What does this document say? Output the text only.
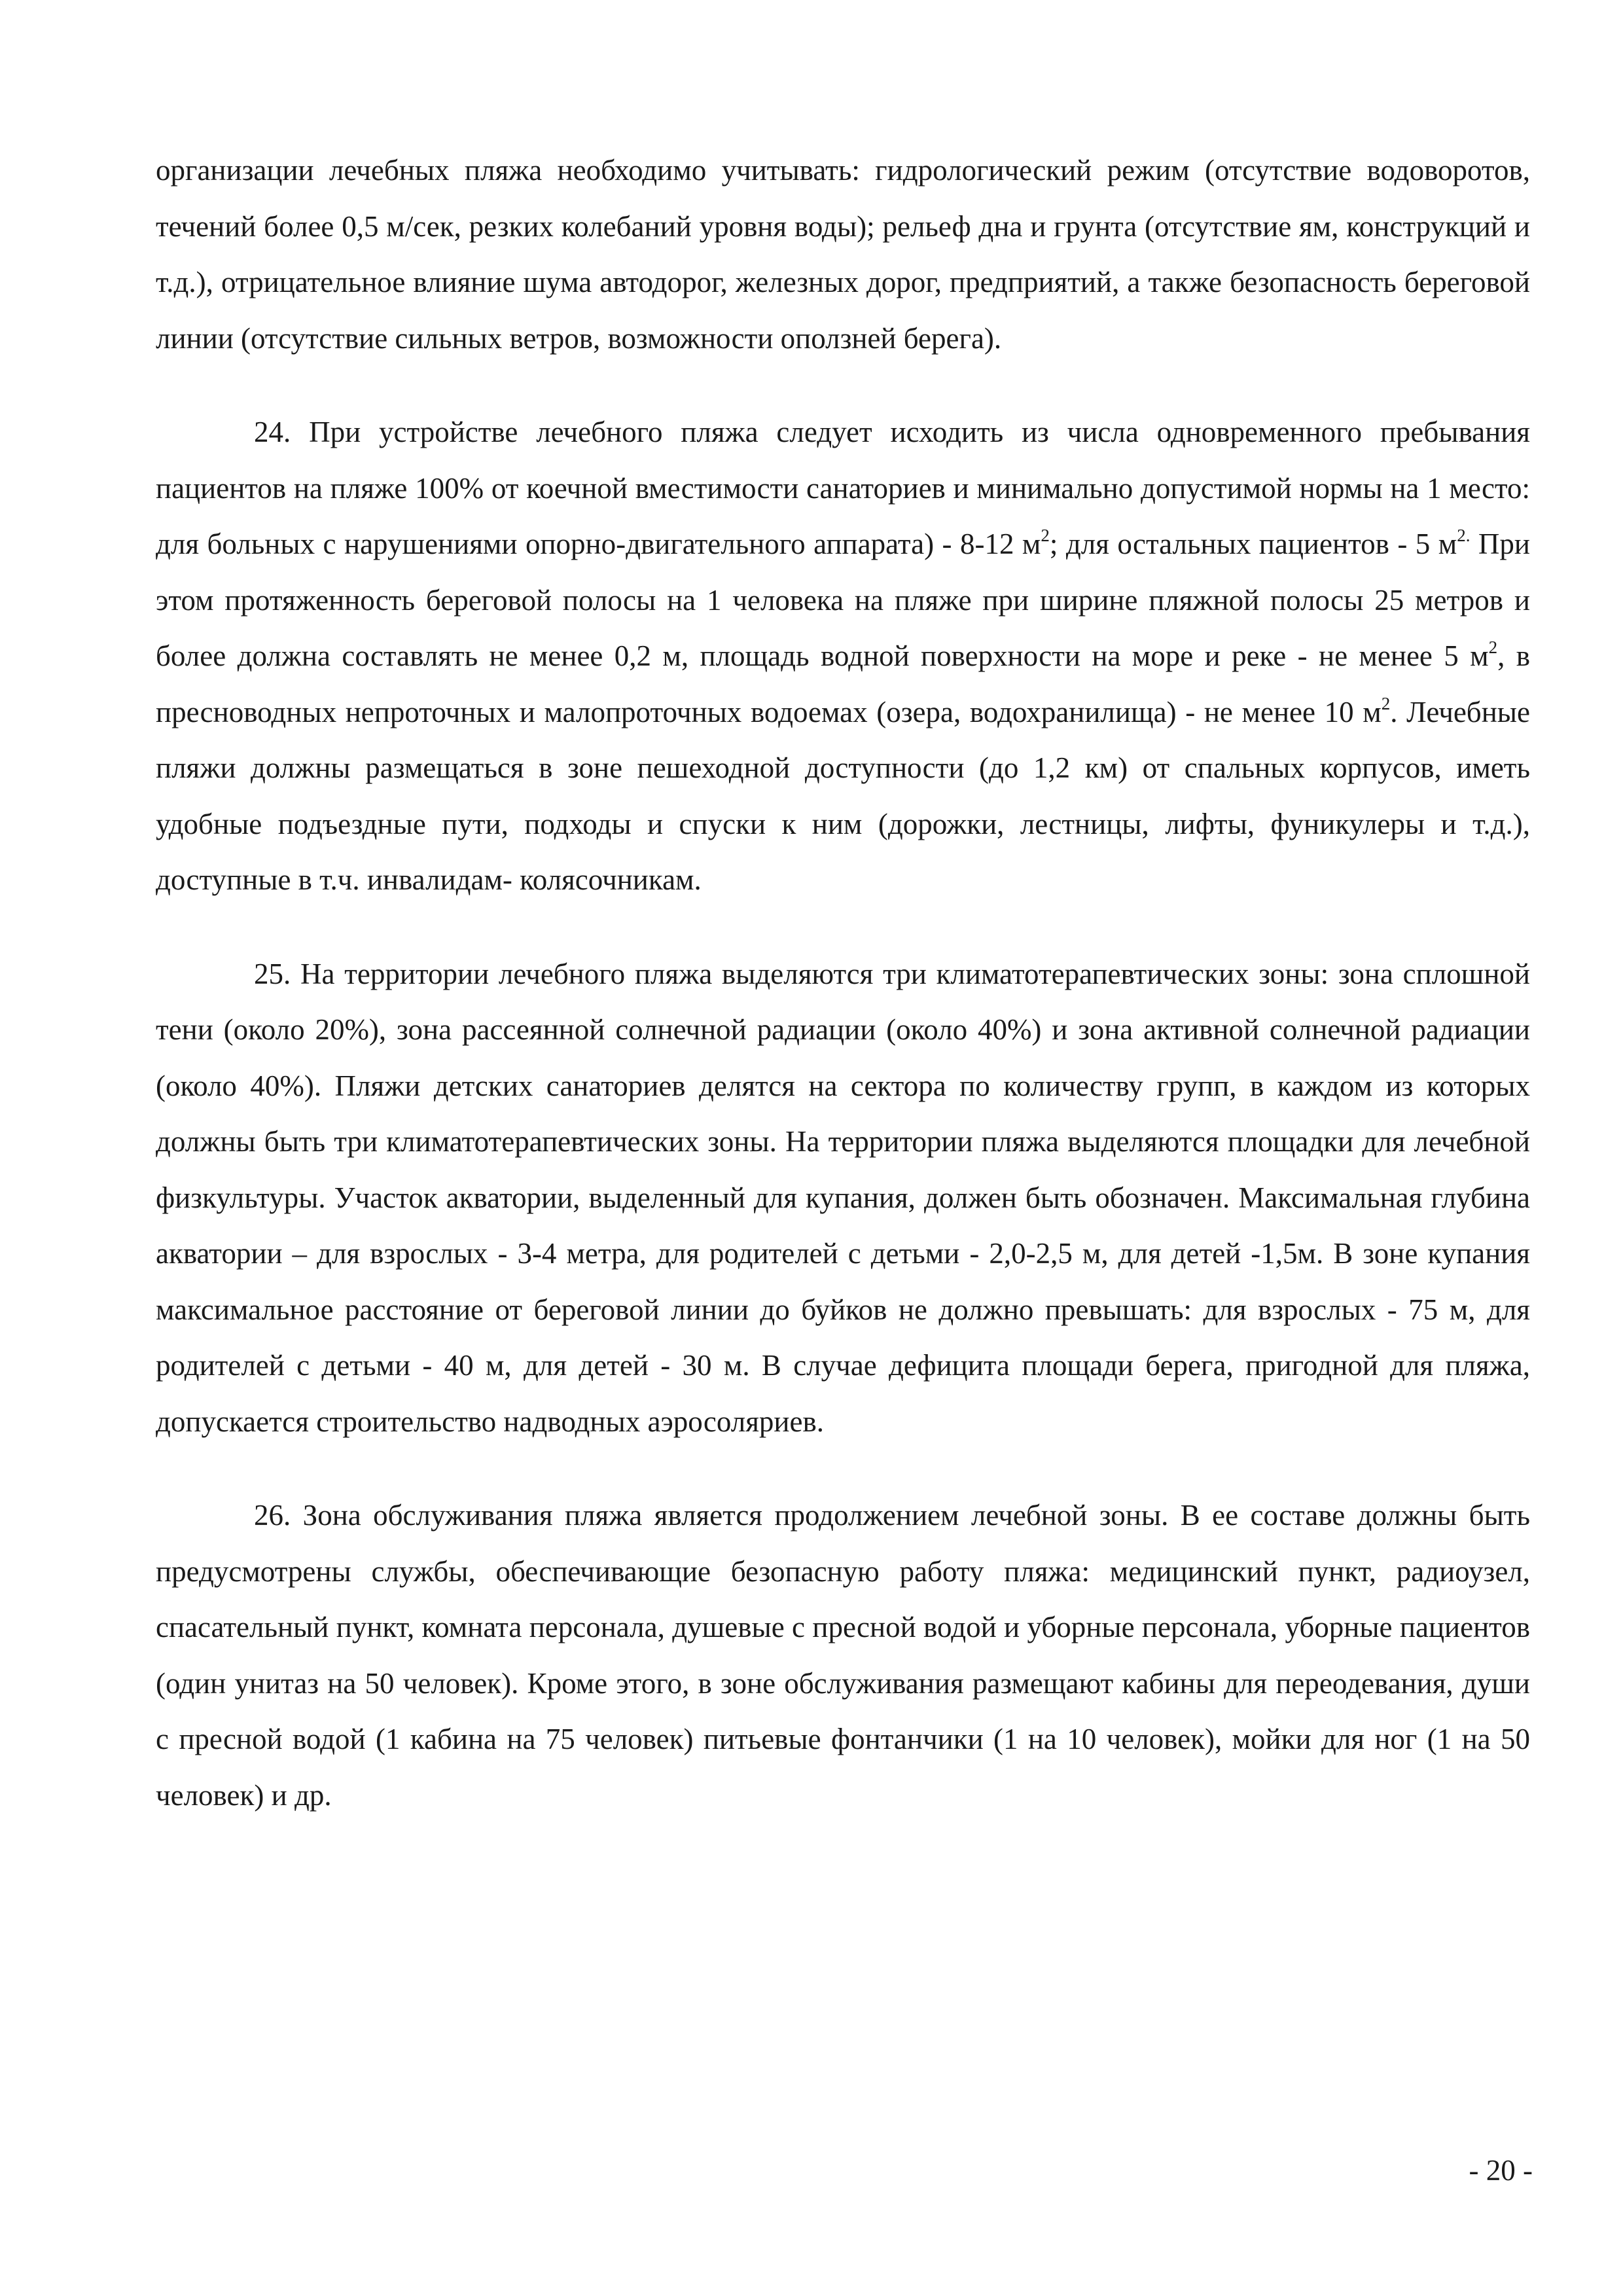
организации лечебных пляжа необходимо учитывать: гидрологический режим (отсутствие водоворотов, течений более 0,5 м/сек, резких колебаний уровня воды); рельеф дна и грунта (отсутствие ям, конструкций и т.д.), отрицательное влияние шума автодорог, железных дорог, предприятий, а также безопасность береговой линии (отсутствие сильных ветров, возможности оползней берега).

24. При устройстве лечебного пляжа следует исходить из числа одновременного пребывания пациентов на пляже 100% от коечной вместимости санаториев и минимально допустимой нормы на 1 место: для больных с нарушениями опорно-двигательного аппарата) - 8-12 $м^2$; для остальных пациентов - 5 $м^{2.}$ При этом протяженность береговой полосы на 1 человека на пляже при ширине пляжной полосы 25 метров и более должна составлять не менее 0,2 м, площадь водной поверхности на море и реке - не менее 5 $м^2$, в пресноводных непроточных и малопроточных водоемах (озера, водохранилища) - не менее 10 $м^2$. Лечебные пляжи должны размещаться в зоне пешеходной доступности (до 1,2 км) от спальных корпусов, иметь удобные подъездные пути, подходы и спуски к ним (дорожки, лестницы, лифты, фуникулеры и т.д.), доступные в т.ч. инвалидам- колясочникам.

25. На территории лечебного пляжа выделяются три климатотерапевтических зоны: зона сплошной тени (около 20%), зона рассеянной солнечной радиации (около 40%) и зона активной солнечной радиации (около 40%). Пляжи детских санаториев делятся на сектора по количеству групп, в каждом из которых должны быть три климатотерапевтических зоны. На территории пляжа выделяются площадки для лечебной физкультуры. Участок акватории, выделенный для купания, должен быть обозначен. Максимальная глубина акватории – для взрослых - 3-4 метра, для родителей с детьми - 2,0-2,5 м, для детей -1,5м. В зоне купания максимальное расстояние от береговой линии до буйков не должно превышать: для взрослых - 75 м, для родителей с детьми - 40 м, для детей - 30 м. В случае дефицита площади берега, пригодной для пляжа, допускается строительство надводных аэросоляриев.

26. Зона обслуживания пляжа является продолжением лечебной зоны. В ее составе должны быть предусмотрены службы, обеспечивающие безопасную работу пляжа: медицинский пункт, радиоузел, спасательный пункт, комната персонала, душевые с пресной водой и уборные персонала, уборные пациентов (один унитаз на 50 человек). Кроме этого, в зоне обслуживания размещают кабины для переодевания, души с пресной водой (1 кабина на 75 человек) питьевые фонтанчики (1 на 10 человек), мойки для ног (1 на 50 человек) и др.

- 20 -
